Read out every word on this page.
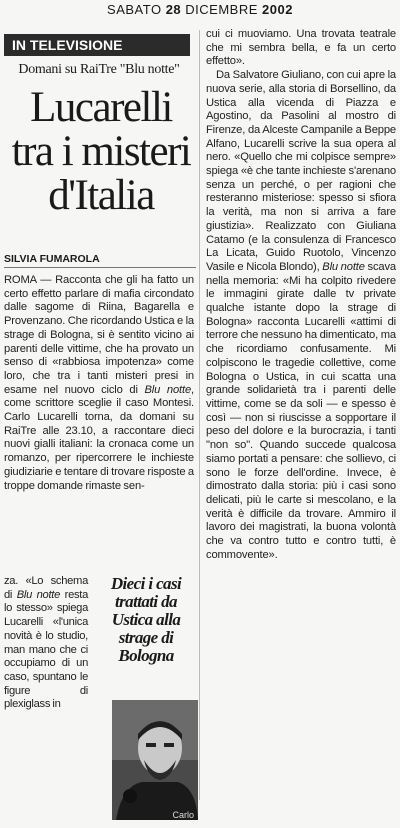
SABATO 28 DICEMBRE 2002
IN TELEVISIONE
Domani su RaiTre "Blu notte"
Lucarelli
tra i misteri
d'Italia
SILVIA FUMAROLA

ROMA — Racconta che gli ha fatto un certo effetto parlare di mafia circondato dalle sagome di Riina, Bagarella e Provenzano. Che ricordando Ustica e la strage di Bologna, si è sentito vicino ai parenti delle vittime, che ha provato un senso di «rabbiosa impotenza» come loro, che tra i tanti misteri presi in esame nel nuovo ciclo di Blu notte, come scrittore sceglie il caso Montesi. Carlo Lucarelli torna, da domani su RaiTre alle 23.10, a raccontare dieci nuovi gialli italiani: la cronaca come un romanzo, per ripercorrere le inchieste giudiziarie e tentare di trovare risposte a troppe domande rimaste sen-

za. «Lo schema di Blu notte resta lo stesso» spiega Lucarelli «l'unica novità è lo studio, man mano che ci occupiamo di un caso, spuntano le figure di plexiglass in

Dieci i casi trattati da Ustica alla strage di Bologna
Carlo

cui ci muoviamo. Una trovata teatrale che mi sembra bella, e fa un certo effetto».

Da Salvatore Giuliano, con cui apre la nuova serie, alla storia di Borsellino, da Ustica alla vicenda di Piazza e Agostino, da Pasolini al mostro di Firenze, da Alceste Campanile a Beppe Alfano, Lucarelli scrive la sua opera al nero. «Quello che mi colpisce sempre» spiega «è che tante inchieste s'arenano senza un perché, o per ragioni che resteranno misteriose: spesso si sfiora la verità, ma non si arriva a fare giustizia». Realizzato con Giuliana Catamo (e la consulenza di Francesco La Licata, Guido Ruotolo, Vincenzo Vasile e Nicola Blondo), Blu notte scava nella memoria: «Mi ha colpito rivedere le immagini girate dalle tv private qualche istante dopo la strage di Bologna» racconta Lucarelli «attimi di terrore che nessuno ha dimenticato, ma che ricordiamo confusamente. Mi colpiscono le tragedie collettive, come Bologna o Ustica, in cui scatta una grande solidarietà tra i parenti delle vittime, come se da soli — e spesso è così — non si riuscisse a sopportare il peso del dolore e la burocrazia, i tanti "non so". Quando succede qualcosa siamo portati a pensare: che sollievo, ci sono le forze dell'ordine. Invece, è dimostrato dalla storia: più i casi sono delicati, più le carte si mescolano, e la verità è difficile da trovare. Ammiro il lavoro dei magistrati, la buona volontà che va contro tutto e contro tutti, è commovente».
